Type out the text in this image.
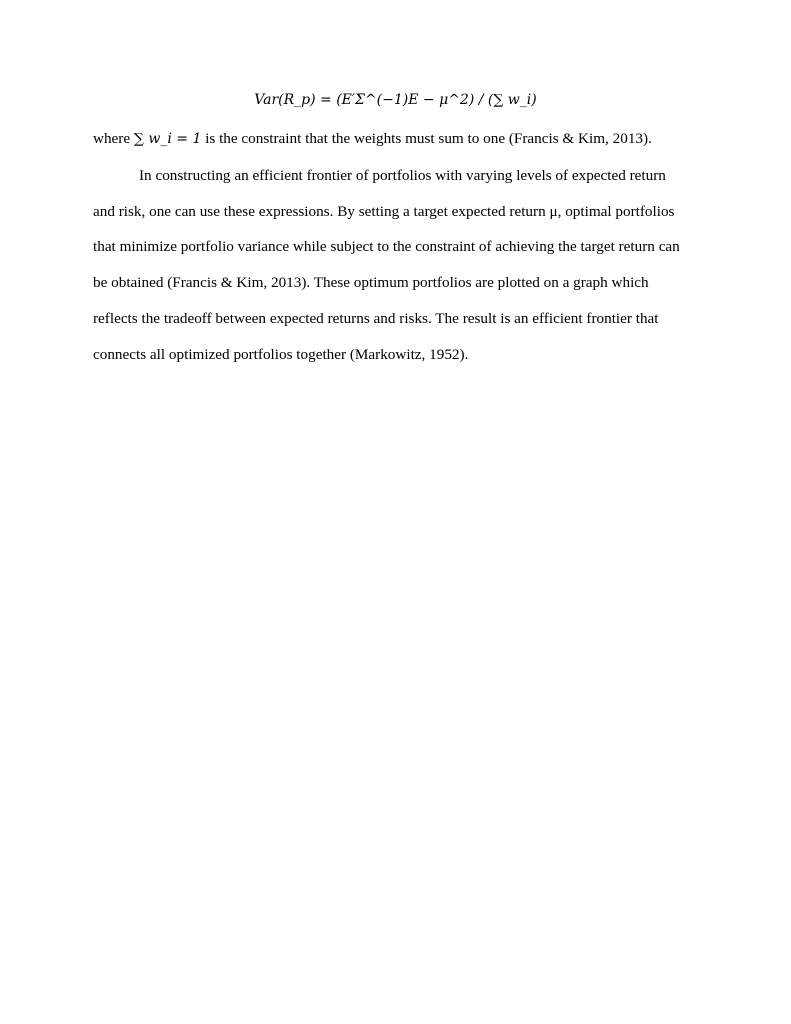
Var(R_p) = (E′Σ^(−1)E − μ^2) / (∑ w_i)
where ∑ w_i = 1 is the constraint that the weights must sum to one (Francis & Kim, 2013).
In constructing an efficient frontier of portfolios with varying levels of expected return
and risk, one can use these expressions. By setting a target expected return μ, optimal portfolios
that minimize portfolio variance while subject to the constraint of achieving the target return can
be obtained (Francis & Kim, 2013). These optimum portfolios are plotted on a graph which
reflects the tradeoff between expected returns and risks. The result is an efficient frontier that
connects all optimized portfolios together (Markowitz, 1952).
